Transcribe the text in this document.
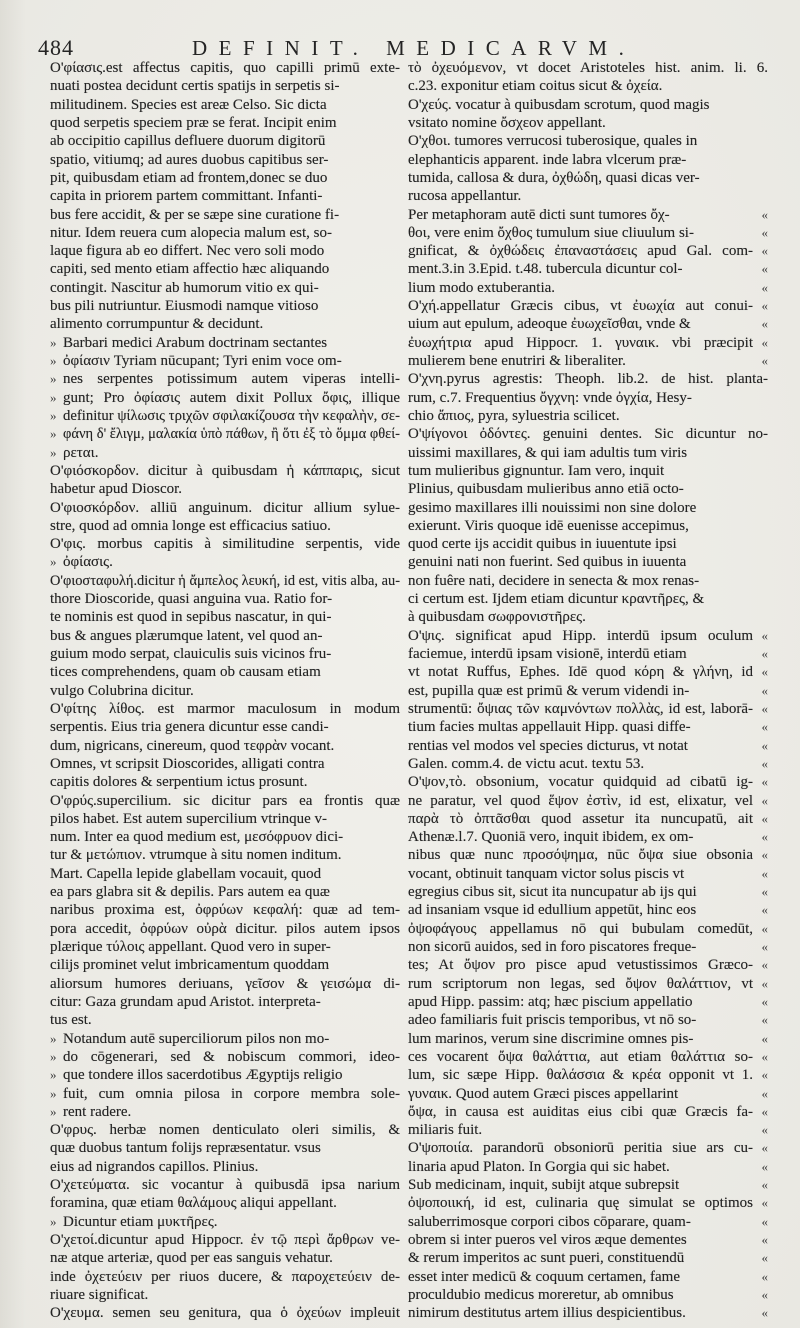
484	DEFINIT. MEDICARVM.
Ο'φίασις.est affectus capitis, quo capilli primū exte-
nuati postea decidunt certis spatijs in serpetis si-
militudinem. Species est areæ Celso. Sic dicta
quod serpetis speciem præ se ferat. Incipit enim
ab occipitio capillus defluere duorum digitorū
spatio, vitiumq; ad aures duobus capitibus ser-
pit, quibusdam etiam ad frontem,donec se duo
capita in priorem partem committant. Infanti-
bus fere accidit, & per se sæpe sine curatione fi-
nitur. Idem reuera cum alopecia malum est, so-
laque figura ab eo differt. Nec vero soli modo
capiti, sed mento etiam affectio hæc aliquando
contingit. Nascitur ab humorum vitio ex qui-
bus pili nutriuntur. Eiusmodi namque vitioso
alimento corrumpuntur & decidunt.
» Barbari medici Arabum doctrinam sectantes
» ὀφίασιν Tyriam nūcupant; Tyri enim voce om-
» nes serpentes potissimum autem viperas intelli-
» gunt; Pro ὀφίασις autem dixit Pollux ὄφις, illique
» definitur ψίλωσις τριχῶν σφιλακίζουσα τὴν κεφαλὴν, σε-
» φάνη δ' ἔλιγμ, μαλακία ὑπὸ πάθων, ἢ ὅτι ἐξ τὸ ὅμμα φθεί-
» ρεται.
Ο'φιόσκορδον. dicitur à quibusdam ἡ κάππαρις, sicut
habetur apud Dioscor.
Ο'φιοσκόρδον. alliū anguinum. dicitur allium sylue-
stre, quod ad omnia longe est efficacius satiuo.
Ο'φις. morbus capitis à similitudine serpentis, vide
» ὀφίασις.
Ο'φιοσταφυλή.dicitur ἡ ἄμπελος λευκή, id est, vitis alba, au-
thore Dioscoride, quasi anguina vua. Ratio for-
te nominis est quod in sepibus nascatur, in qui-
bus & angues plærumque latent, vel quod an-
guium modo serpat, clauiculis suis vicinos fru-
tices comprehendens, quam ob causam etiam
vulgo Colubrina dicitur.
Ο'φίτης λίθος. est marmor maculosum in modum
serpentis. Eius tria genera dicuntur esse candi-
dum, nigricans, cinereum, quod τεφρὰν vocant.
Omnes, vt scripsit Dioscorides, alligati contra
capitis dolores & serpentium ictus prosunt.
Ο'φρύς.supercilium. sic dicitur pars ea frontis quæ
pilos habet. Est autem supercilium vtrinque v-
num. Inter ea quod medium est, μεσόφρυον dici-
tur & μετώπιον. vtrumque à situ nomen inditum.
Mart. Capella lepide glabellam vocauit, quod
ea pars glabra sit & depilis. Pars autem ea quæ
naribus proxima est, ὀφρύων κεφαλή: quæ ad tem-
pora accedit, ὀφρύων οὐρὰ dicitur. pilos autem ipsos
plærique τύλοις appellant. Quod vero in super-
cilijs prominet velut imbricamentum quoddam
aliorsum humores deriuans, γεῖσον & γεισώμα di-
citur: Gaza grundam apud Aristot. interpreta-
tus est.
» Notandum autē superciliorum pilos non mo-
» do cōgenerari, sed & nobiscum commori, ideo-
» que tondere illos sacerdotibus Ægyptijs religio
» fuit, cum omnia pilosa in corpore membra sole-
» rent radere.
Ο'φρυς. herbæ nomen denticulato oleri similis, &
quæ duobus tantum folijs repræsentatur. vsus
eius ad nigrandos capillos. Plinius.
Ο'χετεύματα. sic vocantur à quibusdā ipsa narium
foramina, quæ etiam θαλάμους aliqui appellant.
» Dicuntur etiam μυκτῆρες.
Ο'χετοί.dicuntur apud Hippocr. ἐν τῷ περὶ ἄρθρων ve-
næ atque arteriæ, quod per eas sanguis vehatur.
inde ὀχετεύειν per riuos ducere, & παροχετεύειν de-
riuare significat.
Ο'χευμα. semen seu genitura, qua ὁ ὀχεύων impleuit
τὸ ὀχευόμενον, vt docet Aristoteles hist. anim. li. 6.
c.23. exponitur etiam coitus sicut & ὀχεία.
Ο'χεύς. vocatur à quibusdam scrotum, quod magis
vsitato nomine ὄσχεον appellant.
Ο'χθοι. tumores verrucosi tuberosique, quales in
elephanticis apparent. inde labra vlcerum præ-
tumida, callosa & dura, ὀχθώδη, quasi dicas ver-
rucosa appellantur.
«
Per metaphoram autē dicti sunt tumores ὄχ-
«
θοι, vere enim ὄχθος tumulum siue cliuulum si-
«
gnificat, & ὀχθώδεις ἐπαναστάσεις apud Gal. com-
«
ment.3.in 3.Epid. t.48. tubercula dicuntur col-
«
lium modo extuberantia.
«
Ο'χή.appellatur Græcis cibus, vt ἐυωχία aut conui-
«
uium aut epulum, adeoque ἐυωχεῖσθαι, vnde &
«
ἐυωχήτρια apud Hippocr. 1. γυναικ. vbi præcipit
«
mulierem bene enutriri & liberaliter.
Ο'χνη.pyrus agrestis: Theoph. lib.2. de hist. planta-
rum, c.7. Frequentius ὄγχνη: vnde ὀγχία, Hesy-
chio ἄπιος, pyra, syluestria scilicet.
Ο'ψίγονοι ὀδόντες. genuini dentes. Sic dicuntur no-
uissimi maxillares, & qui iam adultis tum viris
tum mulieribus gignuntur. Iam vero, inquit
Plinius, quibusdam mulieribus anno etiā octo-
gesimo maxillares illi nouissimi non sine dolore
exierunt. Viris quoque idē euenisse accepimus,
quod certe ijs accidit quibus in iuuentute ipsi
genuini nati non fuerint. Sed quibus in iuuenta
non fuêre nati, decidere in senecta & mox renas-
ci certum est. Ijdem etiam dicuntur κραντῆρες, &
à quibusdam σωφρονιστῆρες.
«
Ο'ψις. significat apud Hipp. interdū ipsum oculum
«
faciemue, interdū ipsam visionē, interdū etiam
«
vt notat Ruffus, Ephes. Idē quod κόρη & γλήνη, id
«
est, pupilla quæ est primū & verum videndi in-
«
strumentū: ὄψιας τῶν καμνόντων πολλὰς, id est, laborā-
«
tium facies multas appellauit Hipp. quasi diffe-
«
rentias vel modos vel species dicturus, vt notat
«
Galen. comm.4. de victu acut. textu 53.
«
Ο'ψον,τὸ. obsonium, vocatur quidquid ad cibatū ig-
«
ne paratur, vel quod ἕψον ἐστὶν, id est, elixatur, vel
«
παρὰ τὸ ὀπτᾶσθαι quod assetur ita nuncupatū, ait
«
Athenæ.l.7. Quoniā vero, inquit ibidem, ex om-
«
nibus quæ nunc προσόψημα, nūc ὄψα siue obsonia
«
vocant, obtinuit tanquam victor solus piscis vt
«
egregius cibus sit, sicut ita nuncupatur ab ijs qui
«
ad insaniam vsque id edullium appetūt, hinc eos
«
ὀψοφάγους appellamus nō qui bubulam comedūt,
«
non sicorū auidos, sed in foro piscatores freque-
«
tes; At ὄψον pro pisce apud vetustissimos Græco-
«
rum scriptorum non legas, sed ὄψον θαλάττιον, vt
«
apud Hipp. passim: atq; hæc piscium appellatio
«
adeo familiaris fuit priscis temporibus, vt nō so-
«
lum marinos, verum sine discrimine omnes pis-
«
ces vocarent ὄψα θαλάττια, aut etiam θαλάττια so-
«
lum, sic sæpe Hipp. θαλάσσια & κρέα opponit vt 1.
«
γυναικ. Quod autem Græci pisces appellarint
«
ὄψα, in causa est auiditas eius cibi quæ Græcis fa-
«
miliaris fuit.
«
Ο'ψοποιία. parandorū obsoniorū peritia siue ars cu-
«
linaria apud Platon. In Gorgia qui sic habet.
«
Sub medicinam, inquit, subijt atque subrepsit
«
ὀψοποιική, id est, culinaria quę simulat se optimos
«
saluberrimosque corpori cibos cōparare, quam-
«
obrem si inter pueros vel viros æque dementes
«
& rerum imperitos ac sunt pueri, constituendū
«
esset inter medicū & coquum certamen, fame
«
proculdubio medicus moreretur, ab omnibus
«
nimirum destitutus artem illius despicientibus.
